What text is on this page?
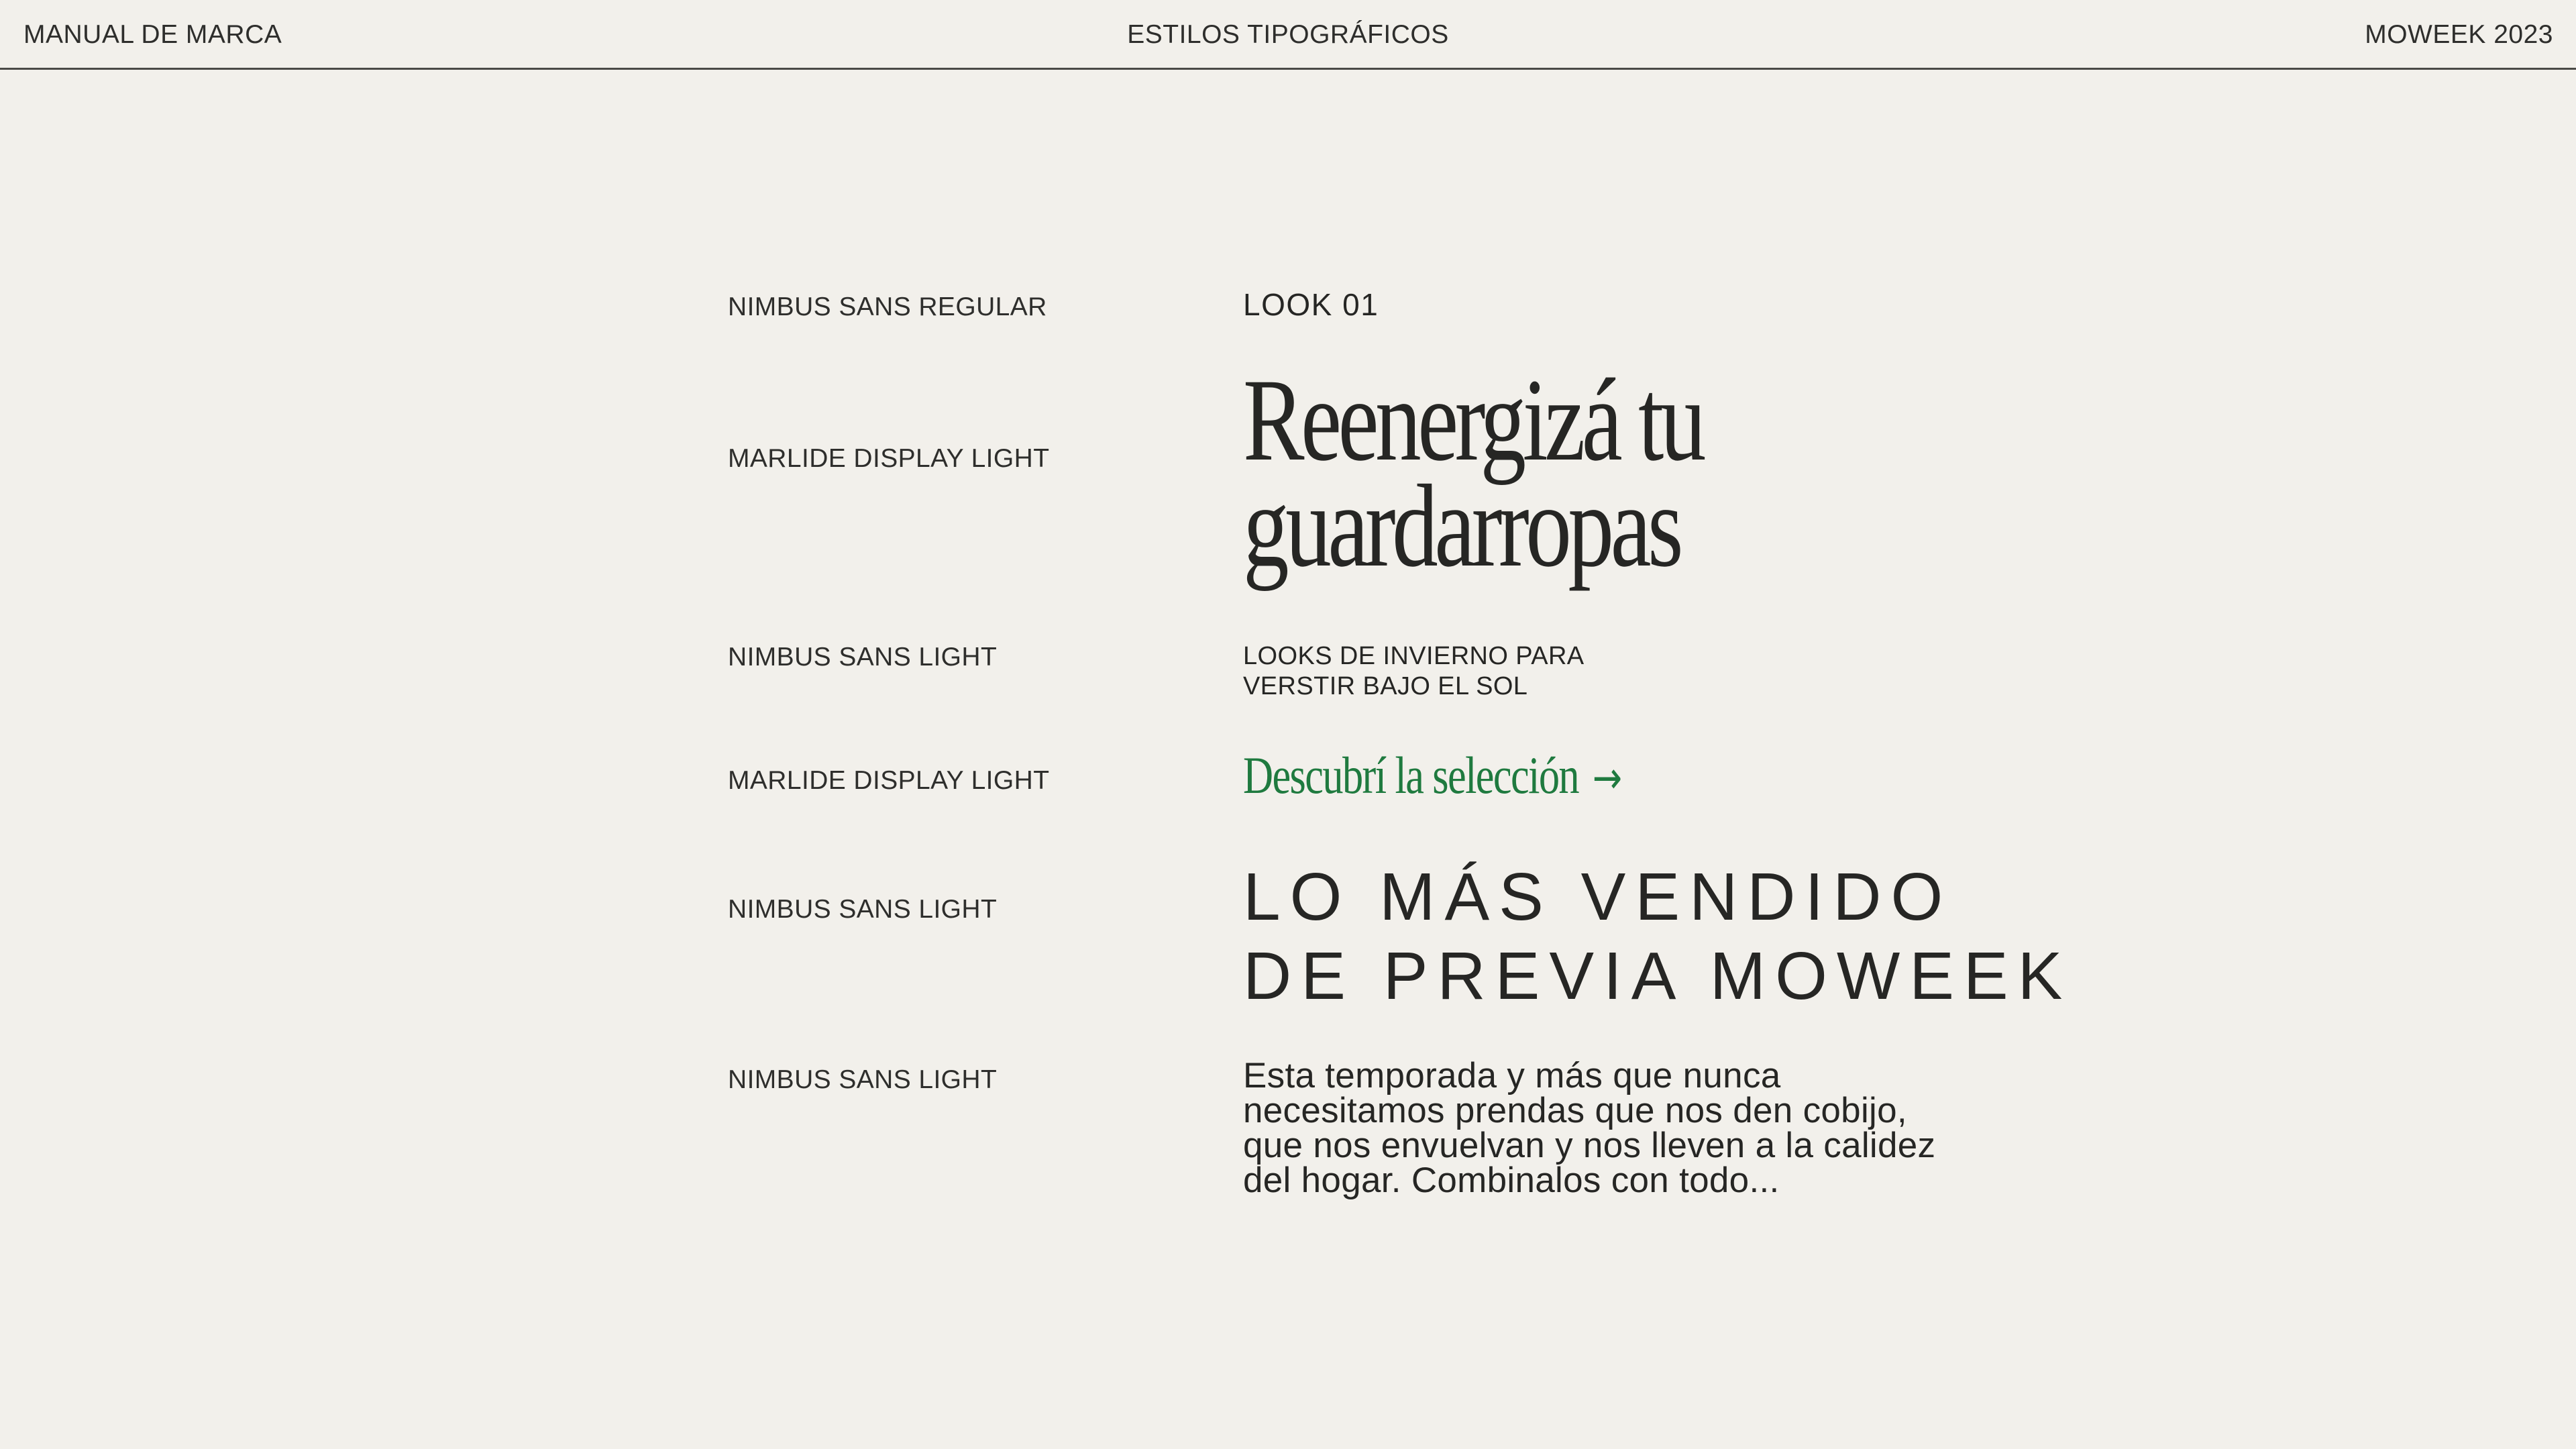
MANUAL DE MARCA	ESTILOS TIPOGRÁFICOS	MOWEEK 2023
NIMBUS SANS REGULAR	LOOK 01
MARLIDE DISPLAY LIGHT Reenergizá tu
guardarropas
NIMBUS SANS LIGHT	LOOKS DE INVIERNO PARA
VERSTIR BAJO EL SOL
MARLIDE DISPLAY LIGHT	Descubrí la selección →
NIMBUS SANS LIGHT	LO MÁS VENDIDO
DE PREVIA MOWEEK
NIMBUS SANS LIGHT	Esta temporada y más que nunca
necesitamos prendas que nos den cobijo,
que nos envuelvan y nos lleven a la calidez
del hogar. Combinalos con todo...
